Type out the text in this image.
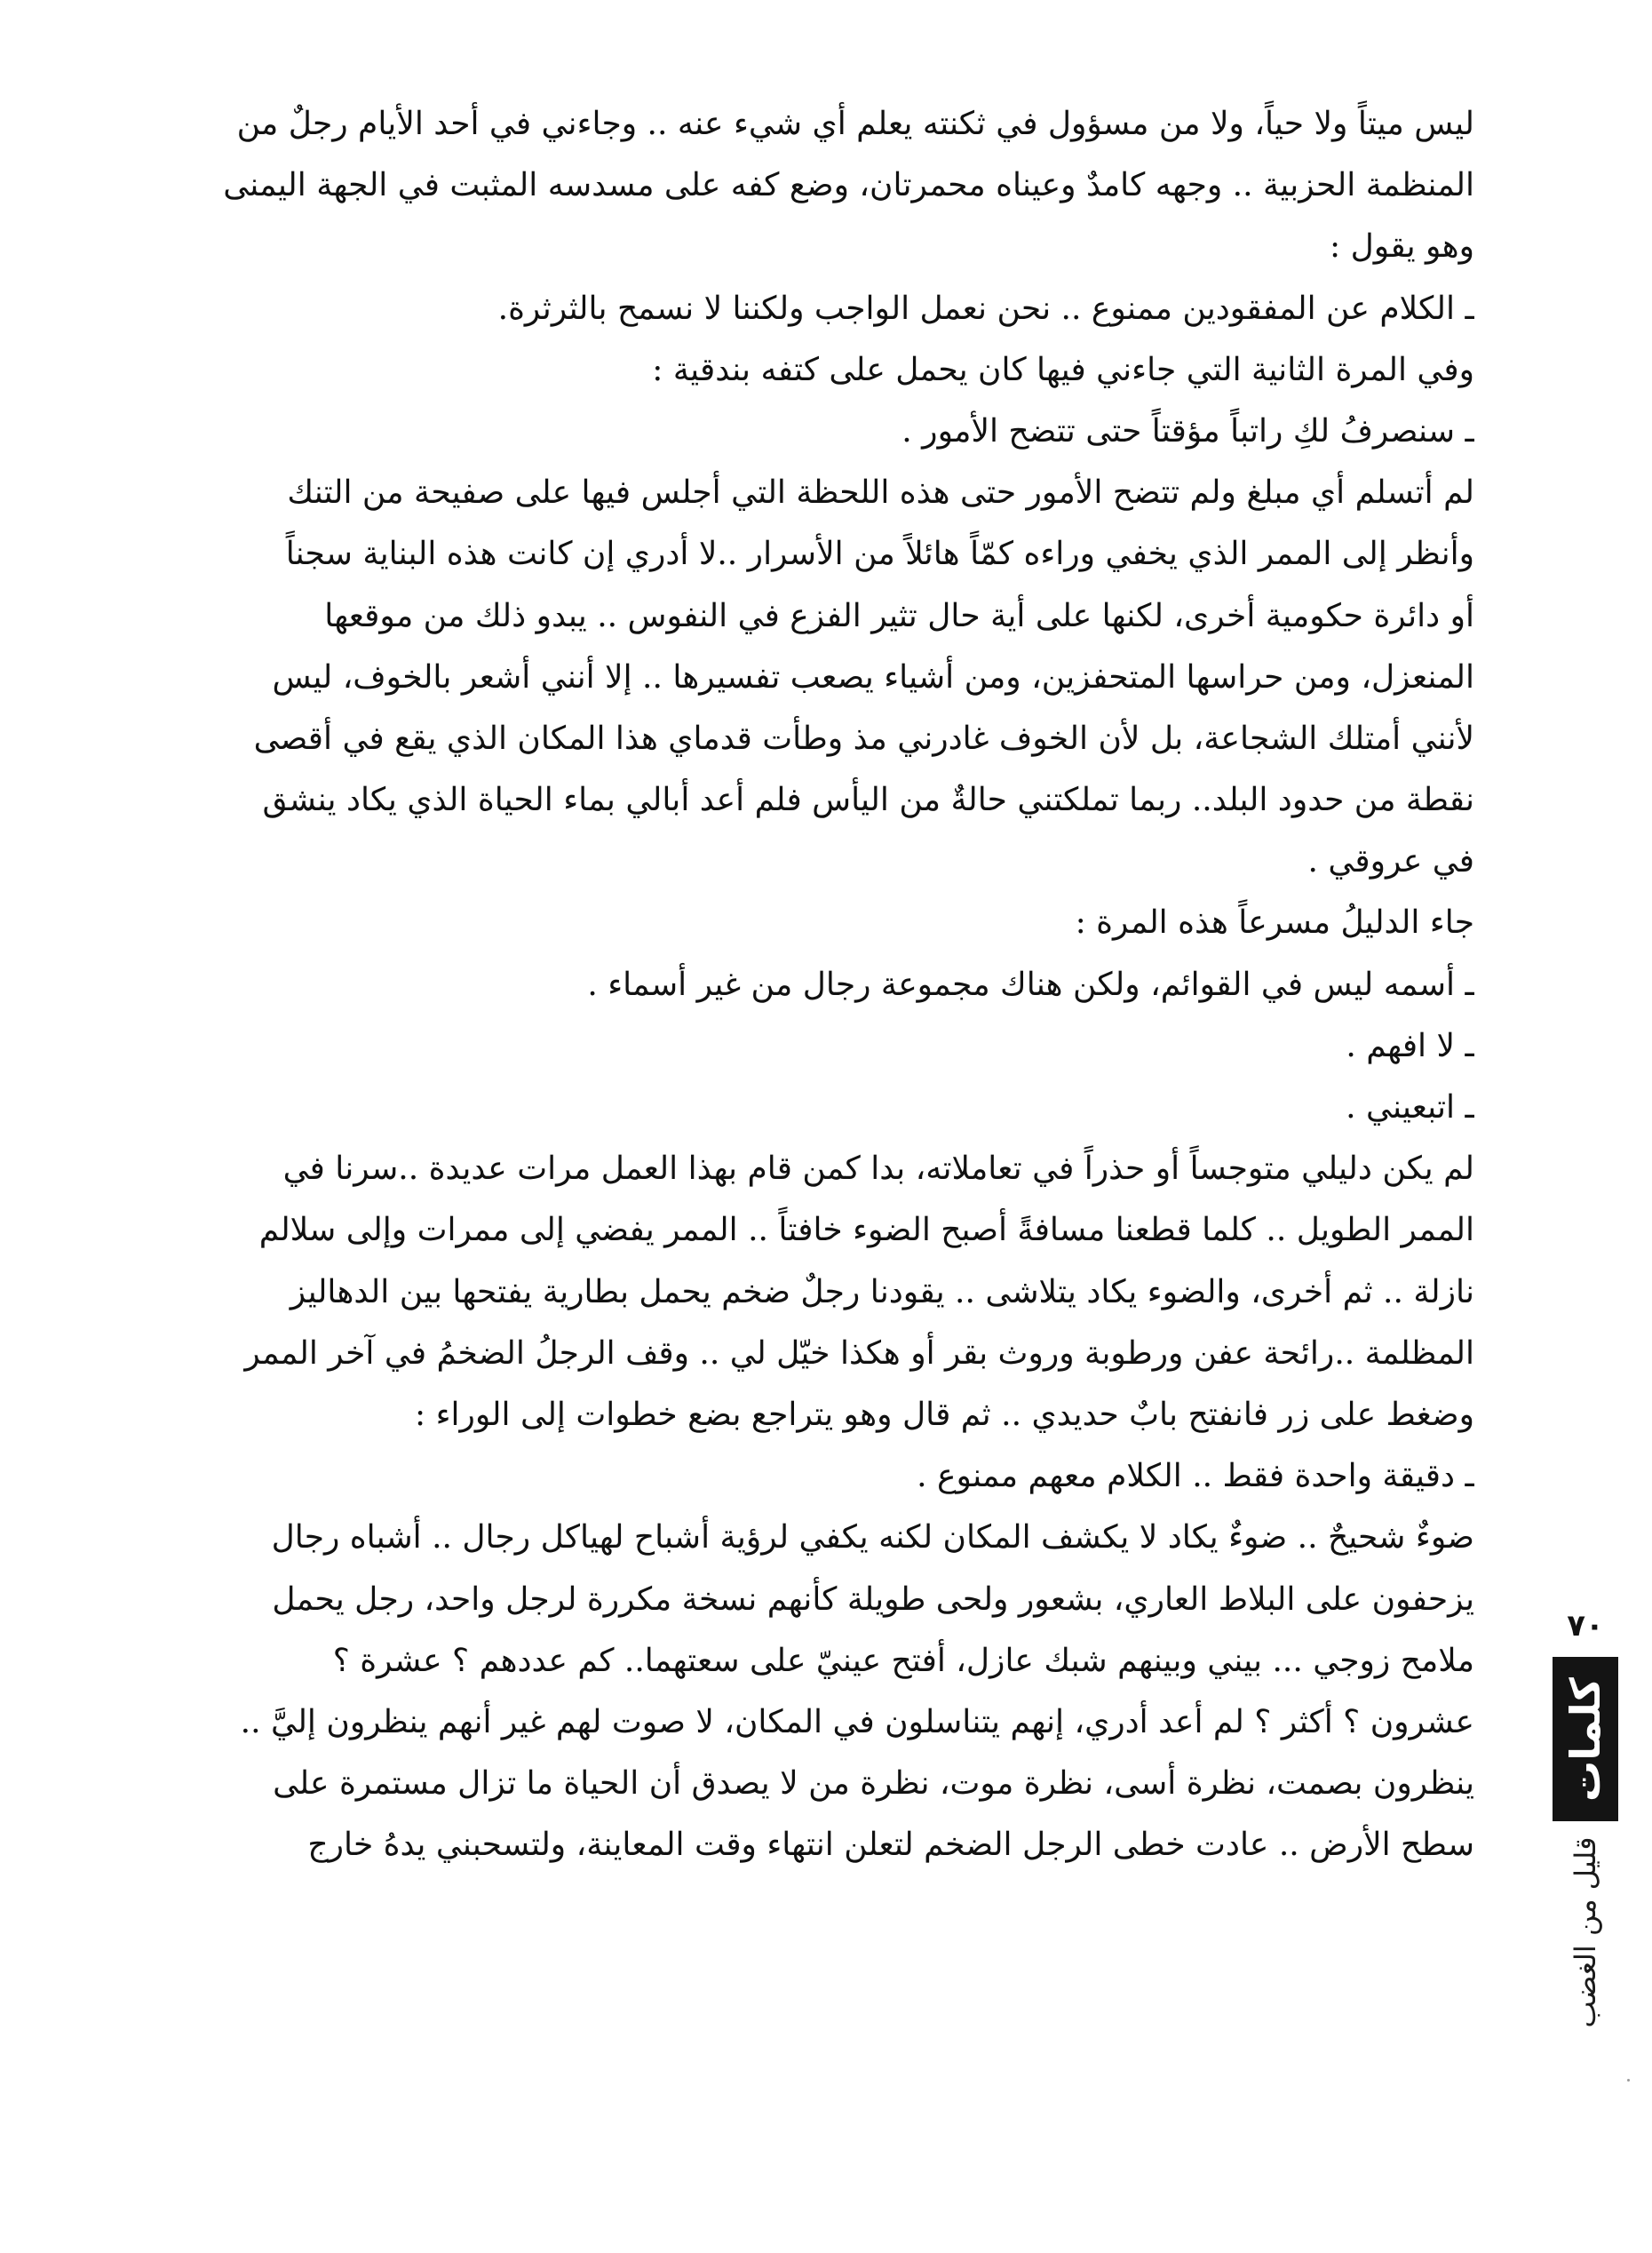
ليس ميتاً ولا حياً، ولا من مسؤول في ثكنته يعلم أي شيء عنه .. وجاءني في أحد الأيام رجلٌ من
المنظمة الحزبية .. وجهه كامدٌ وعيناه محمرتان، وضع كفه على مسدسه المثبت في الجهة اليمنى
وهو يقول :
ـ الكلام عن المفقودين ممنوع .. نحن نعمل الواجب ولكننا لا نسمح بالثرثرة.
وفي المرة الثانية التي جاءني فيها كان يحمل على كتفه بندقية :
ـ سنصرفُ لكِ راتباً مؤقتاً حتى تتضح الأمور .
لم أتسلم أي مبلغ ولم تتضح الأمور حتى هذه اللحظة التي أجلس فيها على صفيحة من التنك
وأنظر إلى الممر الذي يخفي وراءه كمّاً هائلاً من الأسرار ..لا أدري إن كانت هذه البناية سجناً
أو دائرة حكومية أخرى، لكنها على أية حال تثير الفزع في النفوس .. يبدو ذلك من موقعها
المنعزل، ومن حراسها المتحفزين، ومن أشياء يصعب تفسيرها .. إلا أنني أشعر بالخوف، ليس
لأنني أمتلك الشجاعة، بل لأن الخوف غادرني مذ وطأت قدماي هذا المكان الذي يقع في أقصى
نقطة من حدود البلد.. ربما تملكتني حالةٌ من اليأس فلم أعد أبالي بماء الحياة الذي يكاد ينشق
في عروقي .
جاء الدليلُ مسرعاً هذه المرة :
ـ أسمه ليس في القوائم، ولكن هناك مجموعة رجال من غير أسماء .
ـ لا افهم .
ـ اتبعيني .
لم يكن دليلي متوجساً أو حذراً في تعاملاته، بدا كمن قام بهذا العمل مرات عديدة ..سرنا في
الممر الطويل .. كلما قطعنا مسافةً أصبح الضوء خافتاً .. الممر يفضي إلى ممرات وإلى سلالم
نازلة .. ثم أخرى، والضوء يكاد يتلاشى .. يقودنا رجلٌ ضخم يحمل بطارية يفتحها بين الدهاليز
المظلمة ..رائحة عفن ورطوبة وروث بقر أو هكذا خيّل لي .. وقف الرجلُ الضخمُ في آخر الممر
وضغط على زر فانفتح بابٌ حديدي .. ثم قال وهو يتراجع بضع خطوات إلى الوراء :
ـ دقيقة واحدة فقط .. الكلام معهم ممنوع .
ضوءٌ شحيحٌ .. ضوءٌ يكاد لا يكشف المكان لكنه يكفي لرؤية أشباح لهياكل رجال .. أشباه رجال
يزحفون على البلاط العاري، بشعور ولحى طويلة كأنهم نسخة مكررة لرجل واحد، رجل يحمل
ملامح زوجي ... بيني وبينهم شبك عازل، أفتح عينيّ على سعتهما.. كم عددهم ؟ عشرة ؟
عشرون ؟ أكثر ؟ لم أعد أدري، إنهم يتناسلون في المكان، لا صوت لهم غير أنهم ينظرون إليَّ ..
ينظرون بصمت، نظرة أسى، نظرة موت، نظرة من لا يصدق أن الحياة ما تزال مستمرة على
سطح الأرض .. عادت خطى الرجل الضخم لتعلن انتهاء وقت المعاينة، ولتسحبني يدهُ خارج
٧٠
كلمات
قليل من الغضب
